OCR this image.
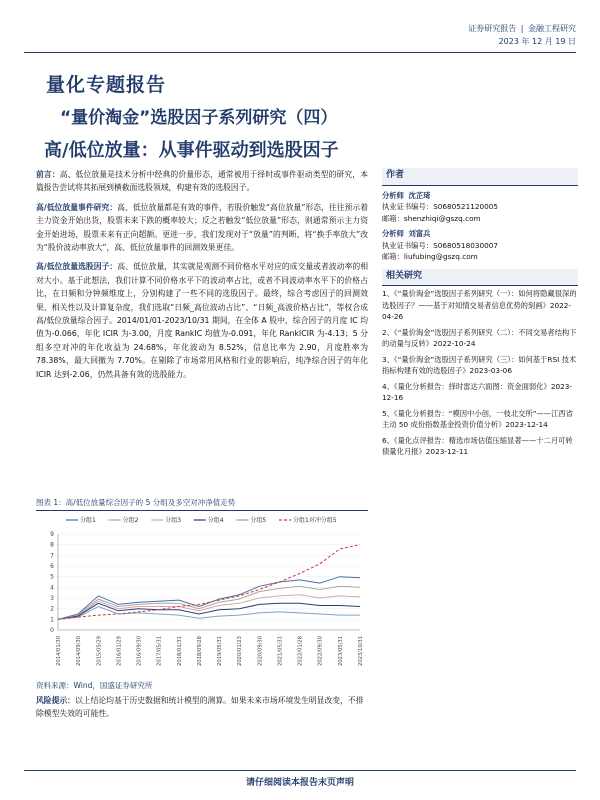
证券研究报告 | 金融工程研究
2023 年 12 月 19 日
量化专题报告
“量价淘金”选股因子系列研究（四）
高/低位放量：从事件驱动到选股因子

前言：高、低位放量是技术分析中经典的价量形态，通常被用于择时或事件驱动类型的研究，本篇报告尝试将其拓展到横截面选股领域，构建有效的选股因子。

高/低位放量事件研究：高、低位放量都是有效的事件，若股价触发“高位放量”形态，往往预示着主力资金开始出货，股票未来下跌的概率较大；反之若触发“低位放量”形态，则通常预示主力资金开始进场，股票未来有正向超额。更进一步，我们发现对于“放量”的判断，将“换手率放大”改为“股价波动率放大”，高、低位放量事件的回测效果更佳。

高/低位放量选股因子：高、低位放量，其实就是观测不同价格水平对应的成交量或者波动率的相对大小。基于此想法，我们计算不同价格水平下的波动率占比，或者不同波动率水平下的价格占比，在日频和分钟频维度上，分别构建了一些不同的选股因子。最终，综合考虑因子的回测效果、相关性以及计算复杂度，我们选取“日频_高位波动占比”、“日频_高波价格占比”，等权合成高/低位放量综合因子。2014/01/01-2023/10/31 期间，在全体 A 股中，综合因子的月度 IC 均值为-0.066，年化 ICIR 为-3.00，月度 RankIC 均值为-0.091，年化 RankICIR 为-4.13；5 分组多空对冲的年化收益为 24.68%，年化波动为 8.52%，信息比率为 2.90，月度胜率为 78.38%，最大回撤为 7.70%。在剔除了市场常用风格和行业的影响后，纯净综合因子的年化 ICIR 达到-2.06，仍然具备有效的选股能力。

作者
分析师 沈芷琦
执业证书编号：S0680521120005
邮箱：shenzhiqi@gszq.com
分析师 刘富兵
执业证书编号：S0680518030007
邮箱：liufubing@gszq.com
相关研究
1、《“量价淘金”选股因子系列研究（一）：如何将隐藏很深的选股因子？——基于对知情交易者信息优势的刻画》2022-04-26
2、《“量价淘金”选股因子系列研究（二）：不同交易者结构下的动量与反转》2022-10-24
3、《“量价淘金”选股因子系列研究（三）：如何基于RSI 技术指标构建有效的选股因子》2023-03-06
4、《量化分析报告：择时雷达六面图：资金面弱化》2023-12-16
5、《量化分析报告：“模因中小创，一枝北交所”——江西省主动 50 成份指数基金投资价值分析》2023-12-14
6、《量化点评报告：精选市场估值压缩显著——十二月可转债量化月报》2023-12-11
图表 1：高/低位放量综合因子的 5 分组及多空对冲净值走势
0
1
2
3
4
5
6
7
8
9
2014/01/30	2014/09/30	2015/05/29	2016/01/29	2016/09/30	2017/05/31	2018/01/31	2018/09/28	2019/05/31	2020/01/23	2020/09/30	2021/05/31	2022/01/28	2022/09/30	2023/05/31	2023/10/31
分组1	分组2	分组3	分组4	分组5	分组1对冲分组5
资料来源：Wind，国盛证券研究所
风险提示：以上结论均基于历史数据和统计模型的测算。如果未来市场环境发生明显改变，不排除模型失效的可能性。
请仔细阅读本报告末页声明
